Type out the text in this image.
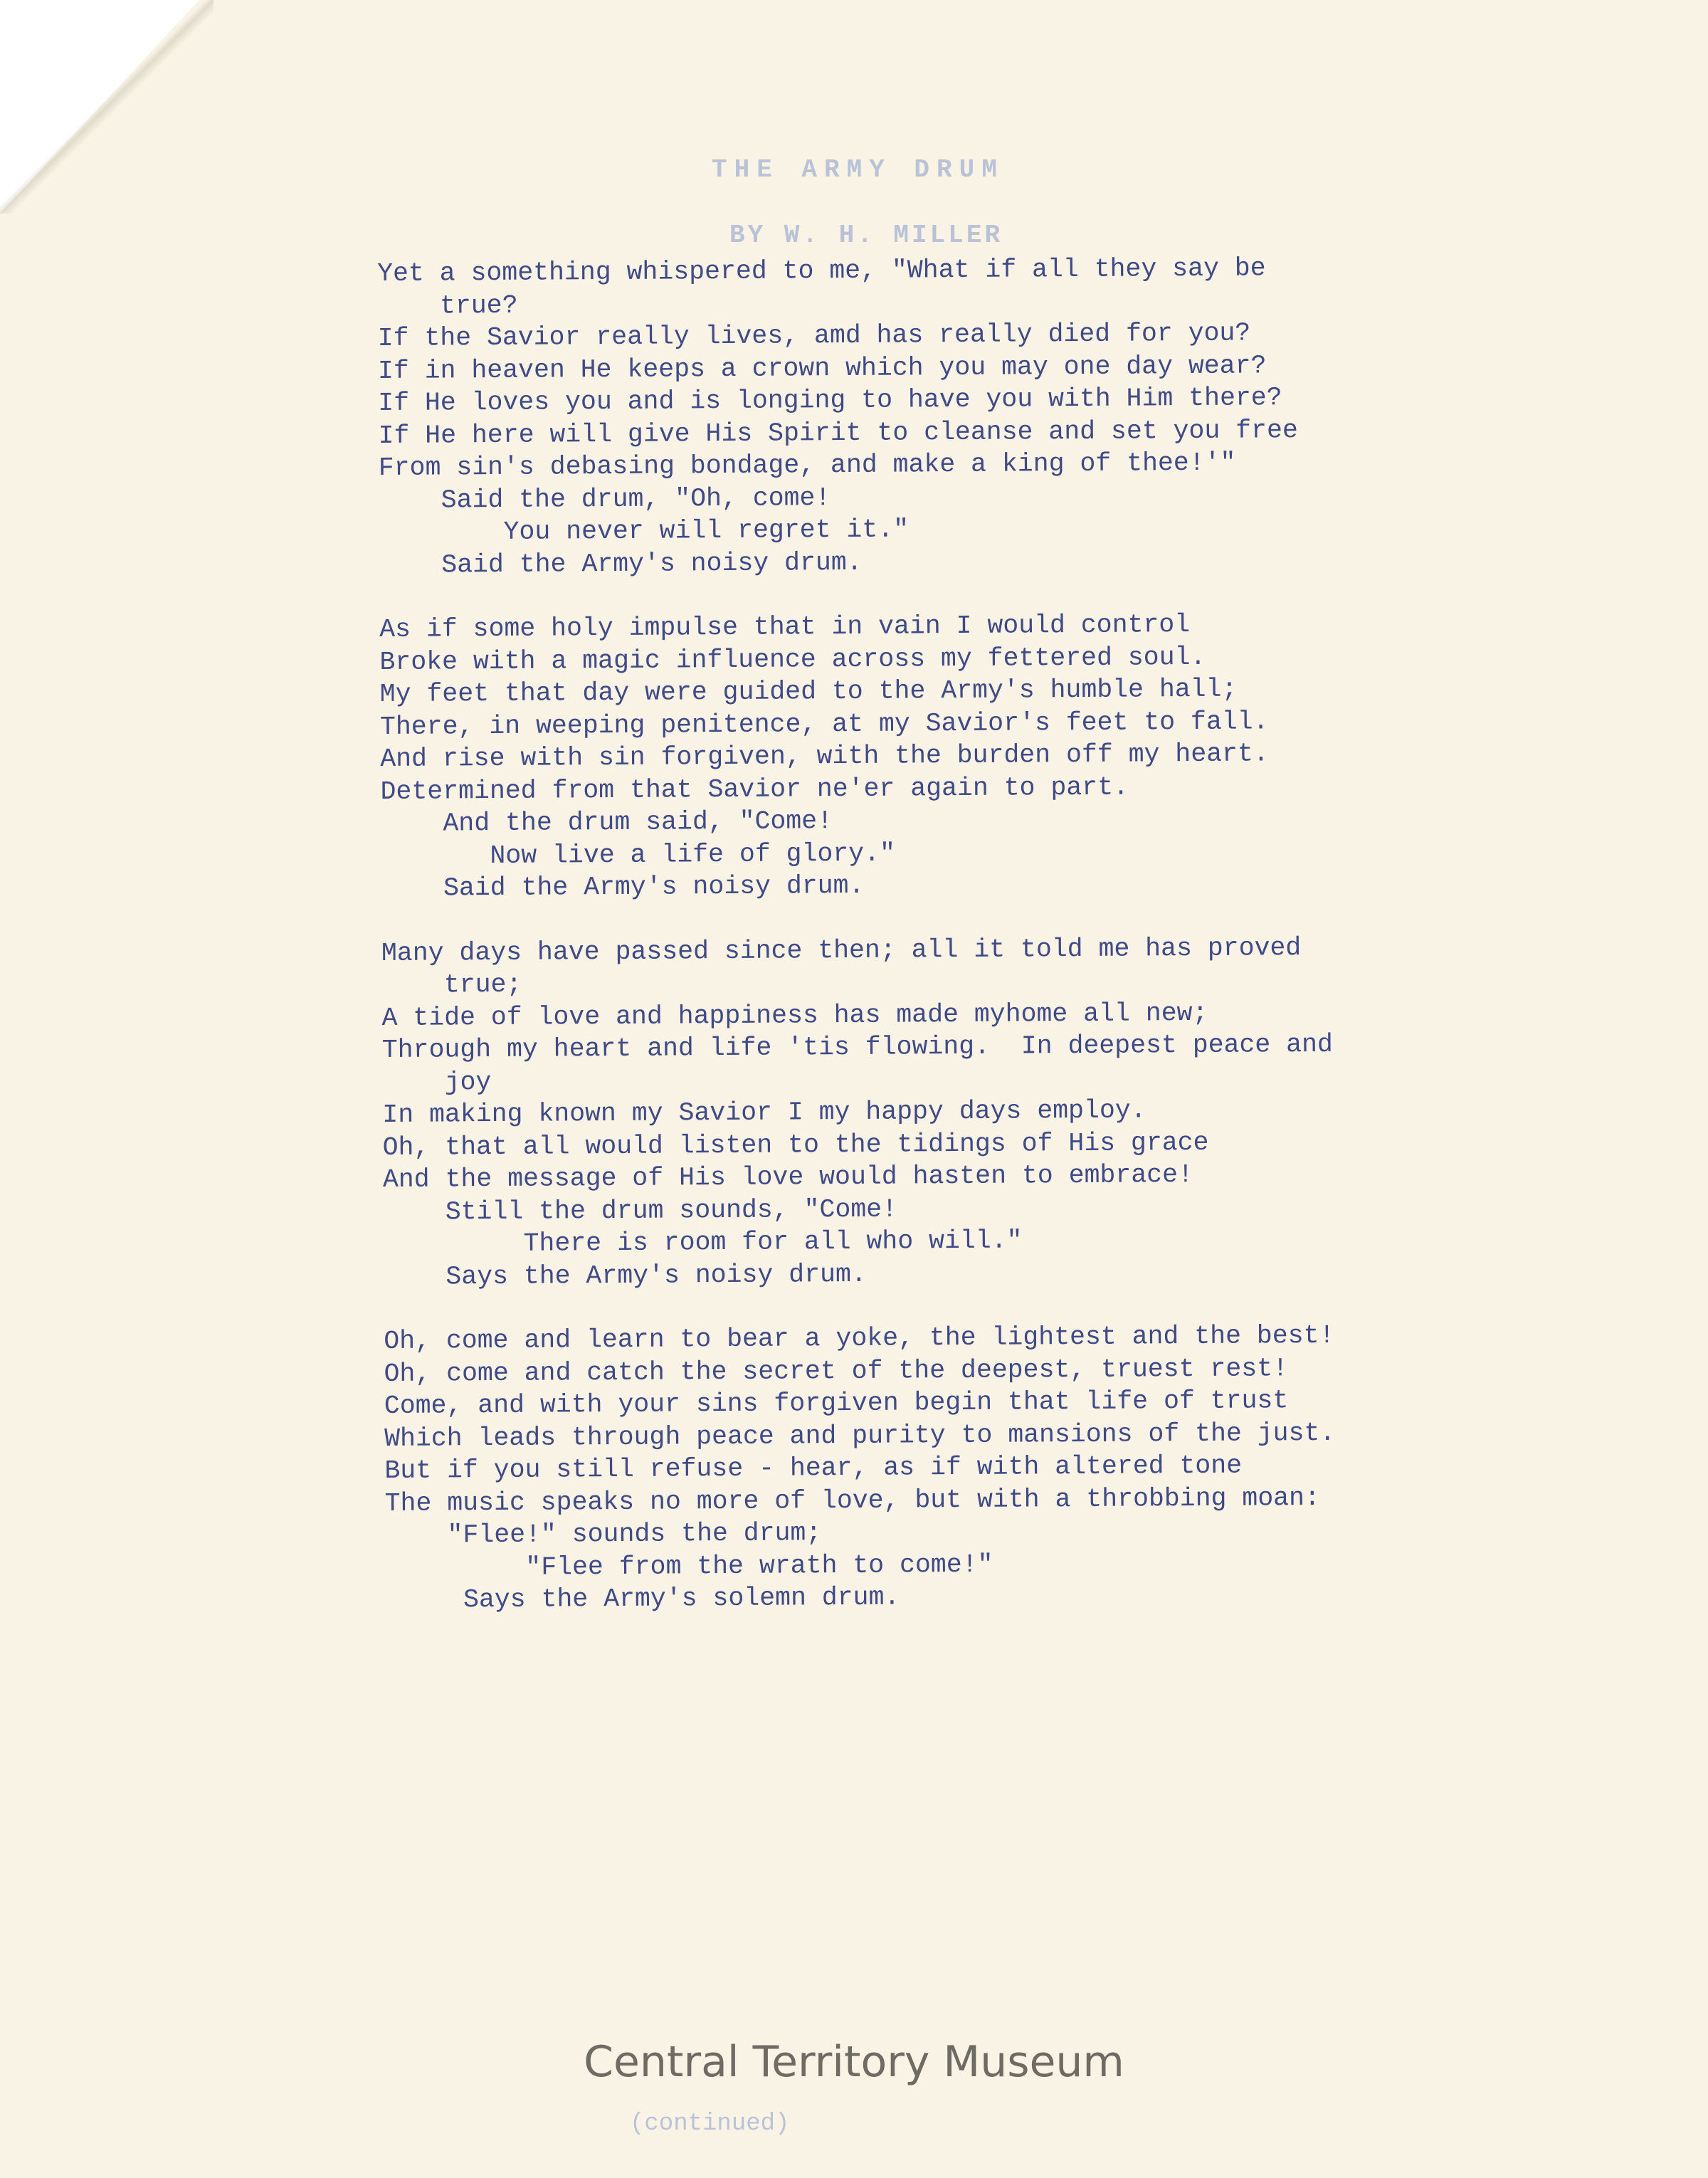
THE ARMY DRUM
BY W. H. MILLER
Yet a something whispered to me, "What if all they say be
true?
If the Savior really lives, amd has really died for you?
If in heaven He keeps a crown which you may one day wear?
If He loves you and is longing to have you with Him there?
If He here will give His Spirit to cleanse and set you free
From sin's debasing bondage, and make a king of thee!'"
Said the drum, "Oh, come!
You never will regret it."
Said the Army's noisy drum.
As if some holy impulse that in vain I would control
Broke with a magic influence across my fettered soul.
My feet that day were guided to the Army's humble hall;
There, in weeping penitence, at my Savior's feet to fall.
And rise with sin forgiven, with the burden off my heart.
Determined from that Savior ne'er again to part.
And the drum said, "Come!
Now live a life of glory."
Said the Army's noisy drum.
Many days have passed since then; all it told me has proved
true;
A tide of love and happiness has made myhome all new;
Through my heart and life 'tis flowing.  In deepest peace and
joy
In making known my Savior I my happy days employ.
Oh, that all would listen to the tidings of His grace
And the message of His love would hasten to embrace!
Still the drum sounds, "Come!
There is room for all who will."
Says the Army's noisy drum.
Oh, come and learn to bear a yoke, the lightest and the best!
Oh, come and catch the secret of the deepest, truest rest!
Come, and with your sins forgiven begin that life of trust
Which leads through peace and purity to mansions of the just.
But if you still refuse - hear, as if with altered tone
The music speaks no more of love, but with a throbbing moan:
"Flee!" sounds the drum;
"Flee from the wrath to come!"
Says the Army's solemn drum.
(continued)
Central Territory Museum
